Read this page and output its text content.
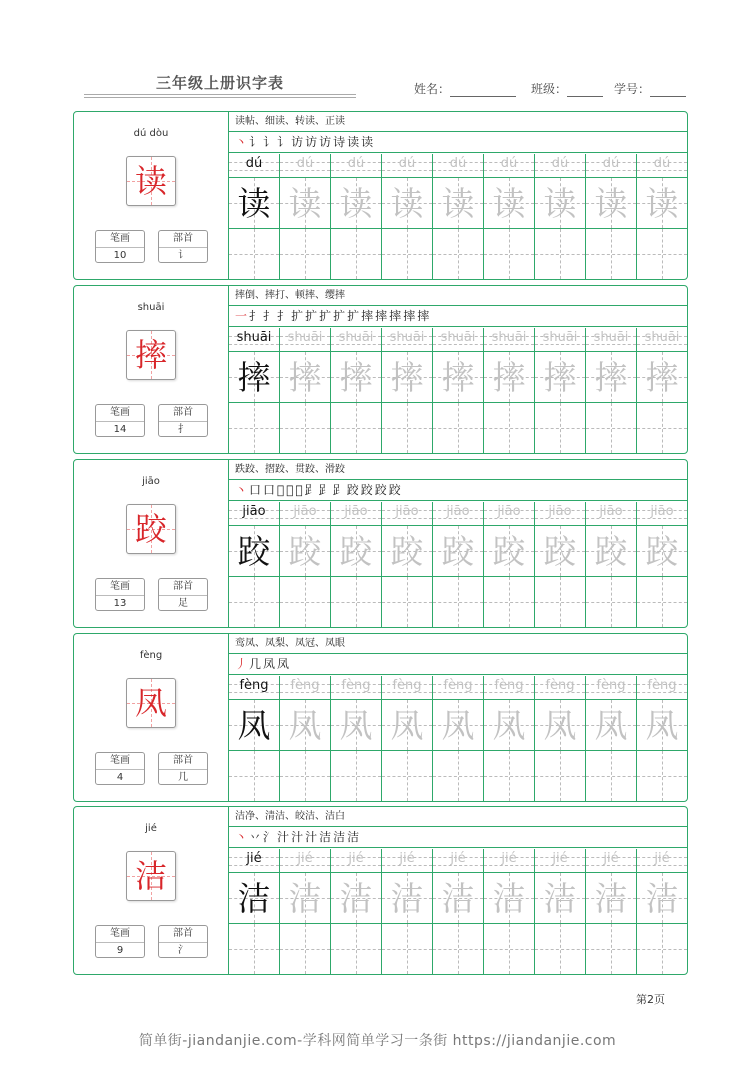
三年级上册识字表	姓名：	班级：	学号：
dú dòu
读
笔画
10
部首
讠
读帖、细读、转读、正读
丶讠讠讠访访访诗读读
dú	dú	dú	dú	dú	dú	dú	dú	dú
读 读 读 读 读 读 读 读 读
shuāi
摔
笔画
14
部首
扌
摔倒、摔打、顿摔、缨摔
一扌扌扌扩扩扩扩扩摔摔摔摔摔
shuāi	shuāi	shuāi	shuāi	shuāi	shuāi	shuāi	shuāi	shuāi
摔 摔 摔 摔 摔 摔 摔 摔 摔
jiāo
跤
笔画
13
部首
足
跌跤、摺跤、贯跤、滑跤
丶口口𠯁𠯁𠯁𧾷𧾷𧾷跤跤跤跤
jiāo	jiāo	jiāo	jiāo	jiāo	jiāo	jiāo	jiāo	jiāo
跤 跤 跤 跤 跤 跤 跤 跤 跤
fèng
凤
笔画
4
部首
几
鸾凤、凤梨、凤冠、凤眼
丿几凤凤
fèng	fèng	fèng	fèng	fèng	fèng	fèng	fèng	fèng
凤 凤 凤 凤 凤 凤 凤 凤 凤
jié
洁
笔画
9
部首
氵
洁净、清洁、皎洁、洁白
丶丷氵汁汁汁洁洁洁
jié	jié	jié	jié	jié	jié	jié	jié	jié
洁 洁 洁 洁 洁 洁 洁 洁 洁
第2页
简单街-jiandanjie.com-学科网简单学习一条街 https://jiandanjie.com
